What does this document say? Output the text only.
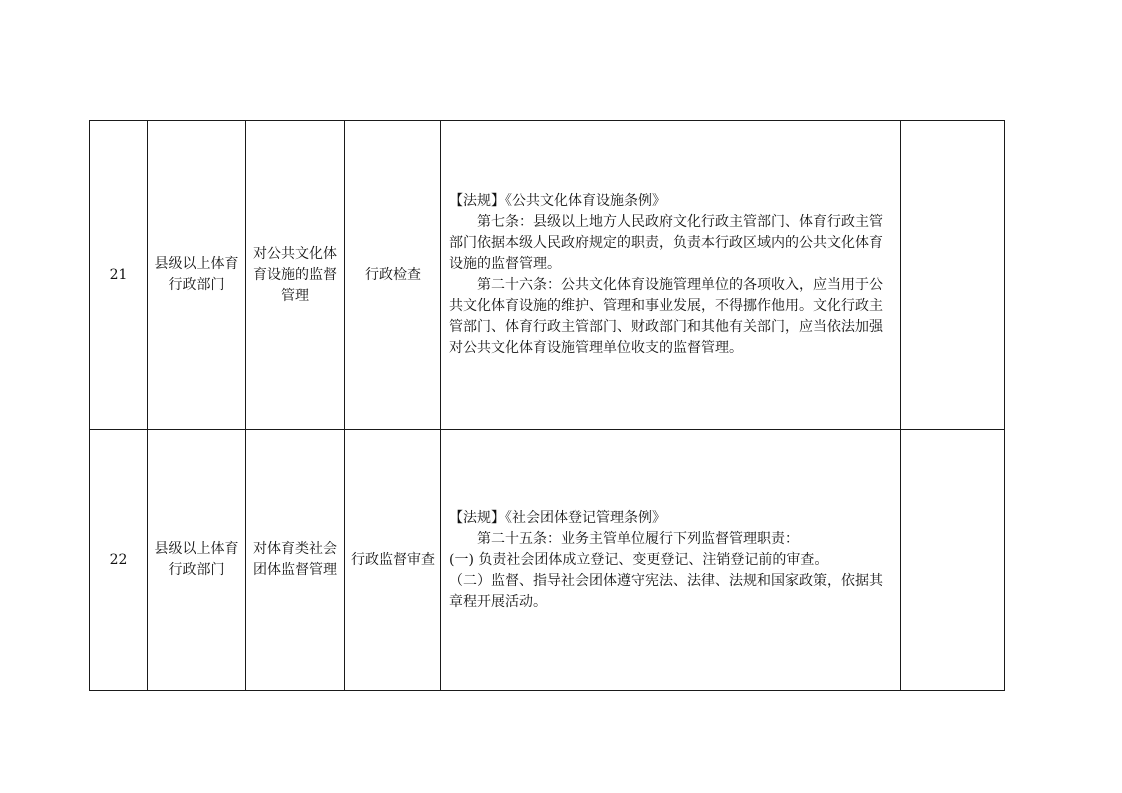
21	县级以上体育行政部门	对公共文化体育设施的监督管理	行政检查	【法规】《公共文化体育设施条例》

第七条：县级以上地方人民政府文化行政主管部门、体育行政主管部门依据本级人民政府规定的职责，负责本行政区域内的公共文化体育设施的监督管理。

第二十六条：公共文化体育设施管理单位的各项收入，应当用于公共文化体育设施的维护、管理和事业发展，不得挪作他用。文化行政主管部门、体育行政主管部门、财政部门和其他有关部门，应当依法加强对公共文化体育设施管理单位收支的监督管理。	

22	县级以上体育行政部门	对体育类社会团体监督管理	行政监督审查	【法规】《社会团体登记管理条例》

第二十五条：业务主管单位履行下列监督管理职责：

(一) 负责社会团体成立登记、变更登记、注销登记前的审查。

（二）监督、指导社会团体遵守宪法、法律、法规和国家政策，依据其章程开展活动。	
